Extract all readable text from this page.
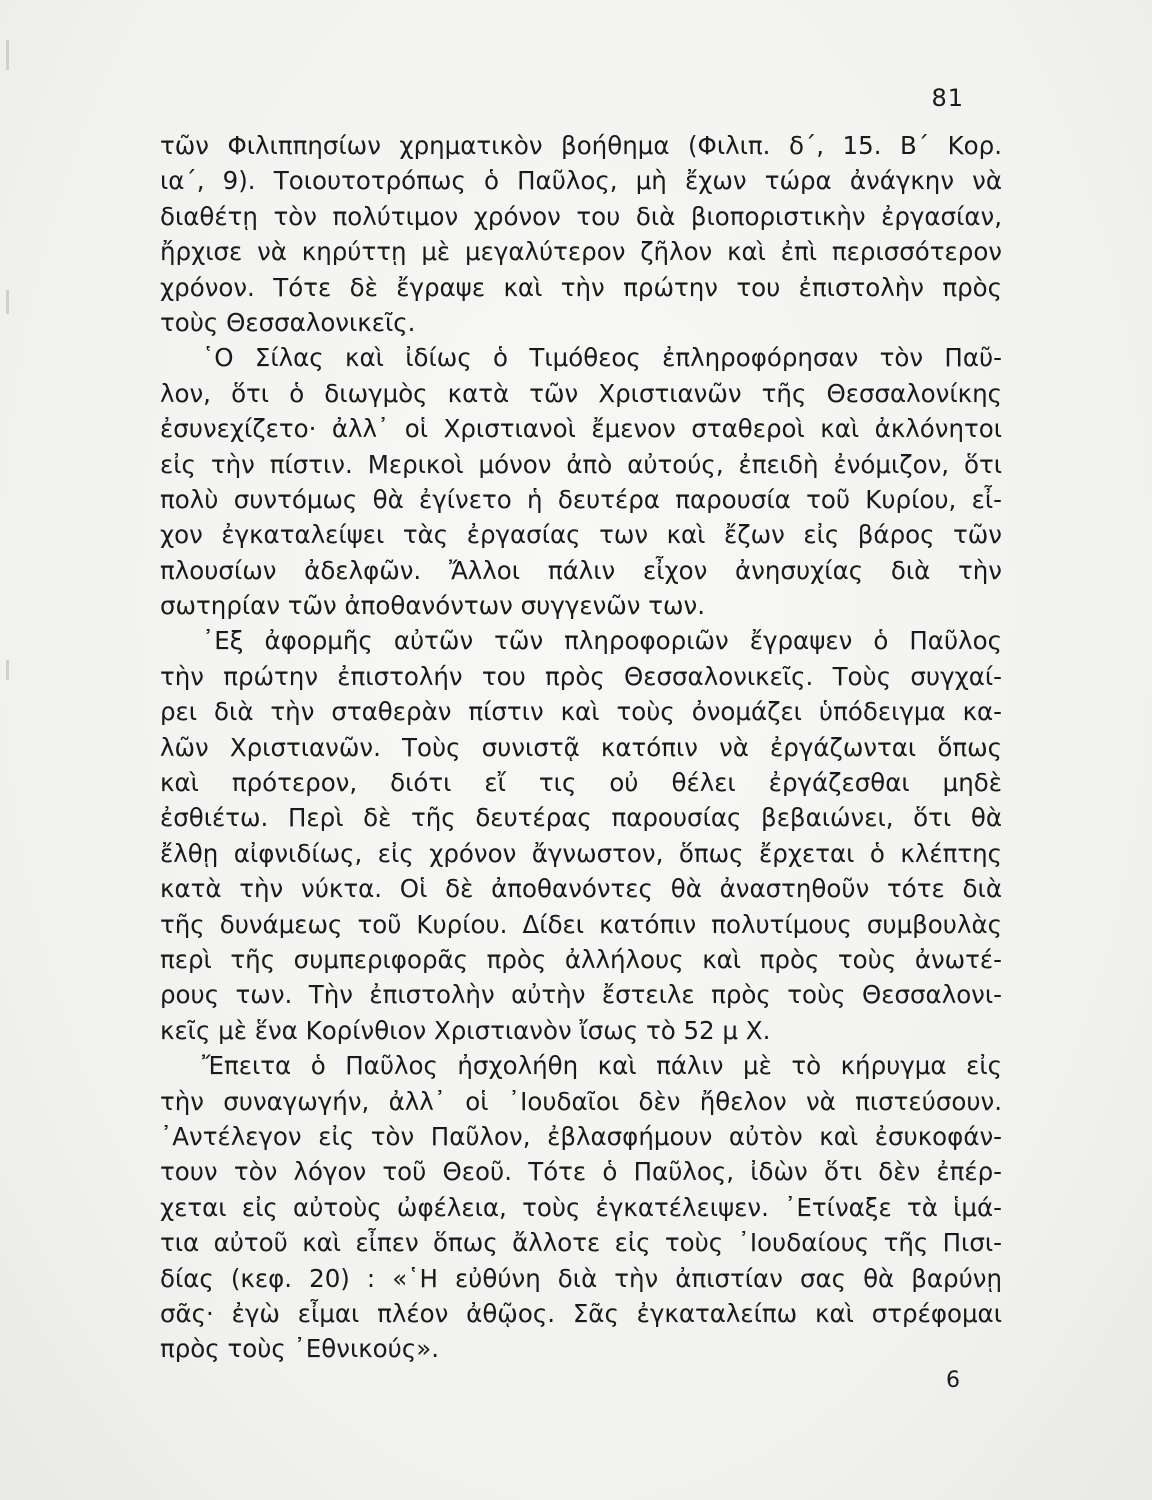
81
τῶν Φιλιππησίων χρηματικὸν βοήθημα (Φιλιπ. δ΄, 15. Β΄ Κορ.
ια΄, 9). Τοιουτοτρόπως ὁ Παῦλος, μὴ ἔχων τώρα ἀνάγκην νὰ
διαθέτῃ τὸν πολύτιμον χρόνον του διὰ βιοποριστικὴν ἐργασίαν,
ἤρχισε νὰ κηρύττῃ μὲ μεγαλύτερον ζῆλον καὶ ἐπὶ περισσότερον
χρόνον. Τότε δὲ ἔγραψε καὶ τὴν πρώτην του ἐπιστολὴν πρὸς
τοὺς Θεσσαλονικεῖς.
῾Ο Σίλας καὶ ἰδίως ὁ Τιμόθεος ἐπληροφόρησαν τὸν Παῦ-
λον, ὅτι ὁ διωγμὸς κατὰ τῶν Χριστιανῶν τῆς Θεσσαλονίκης
ἐσυνεχίζετο· ἀλλ᾽ οἱ Χριστιανοὶ ἔμενον σταθεροὶ καὶ ἀκλόνητοι
εἰς τὴν πίστιν. Μερικοὶ μόνον ἀπὸ αὐτούς, ἐπειδὴ ἐνόμιζον, ὅτι
πολὺ συντόμως θὰ ἐγίνετο ἡ δευτέρα παρουσία τοῦ Κυρίου, εἶ-
χον ἐγκαταλείψει τὰς ἐργασίας των καὶ ἔζων εἰς βάρος τῶν
πλουσίων ἀδελφῶν. Ἄλλοι πάλιν εἶχον ἀνησυχίας διὰ τὴν
σωτηρίαν τῶν ἀποθανόντων συγγενῶν των.
᾽Εξ ἀφορμῆς αὐτῶν τῶν πληροφοριῶν ἔγραψεν ὁ Παῦλος
τὴν πρώτην ἐπιστολήν του πρὸς Θεσσαλονικεῖς. Τοὺς συγχαί-
ρει διὰ τὴν σταθερὰν πίστιν καὶ τοὺς ὀνομάζει ὑπόδειγμα κα-
λῶν Χριστιανῶν. Τοὺς συνιστᾷ κατόπιν νὰ ἐργάζωνται ὅπως
καὶ πρότερον, διότι εἴ τις οὐ θέλει ἐργάζεσθαι μηδὲ
ἐσθιέτω. Περὶ δὲ τῆς δευτέρας παρουσίας βεβαιώνει, ὅτι θὰ
ἔλθῃ αἰφνιδίως, εἰς χρόνον ἄγνωστον, ὅπως ἔρχεται ὁ κλέπτης
κατὰ τὴν νύκτα. Οἱ δὲ ἀποθανόντες θὰ ἀναστηθοῦν τότε διὰ
τῆς δυνάμεως τοῦ Κυρίου. Δίδει κατόπιν πολυτίμους συμβουλὰς
περὶ τῆς συμπεριφορᾶς πρὸς ἀλλήλους καὶ πρὸς τοὺς ἀνωτέ-
ρους των. Τὴν ἐπιστολὴν αὐτὴν ἔστειλε πρὸς τοὺς Θεσσαλονι-
κεῖς μὲ ἕνα Κορίνθιον Χριστιανὸν ἴσως τὸ 52 μ Χ.
Ἔπειτα ὁ Παῦλος ἠσχολήθη καὶ πάλιν μὲ τὸ κήρυγμα εἰς
τὴν συναγωγήν, ἀλλ᾽ οἱ ᾽Ιουδαῖοι δὲν ἤθελον νὰ πιστεύσουν.
᾽Αντέλεγον εἰς τὸν Παῦλον, ἐβλασφήμουν αὐτὸν καὶ ἐσυκοφάν-
τουν τὸν λόγον τοῦ Θεοῦ. Τότε ὁ Παῦλος, ἰδὼν ὅτι δὲν ἐπέρ-
χεται εἰς αὐτοὺς ὠφέλεια, τοὺς ἐγκατέλειψεν. ᾽Ετίναξε τὰ ἱμά-
τια αὐτοῦ καὶ εἶπεν ὅπως ἄλλοτε εἰς τοὺς ᾽Ιουδαίους τῆς Πισι-
δίας (κεφ. 20) : «῾Η εὐθύνη διὰ τὴν ἀπιστίαν σας θὰ βαρύνῃ
σᾶς· ἐγὼ εἶμαι πλέον ἀθῷος. Σᾶς ἐγκαταλείπω καὶ στρέφομαι
πρὸς τοὺς ᾽Εθνικούς».
6
